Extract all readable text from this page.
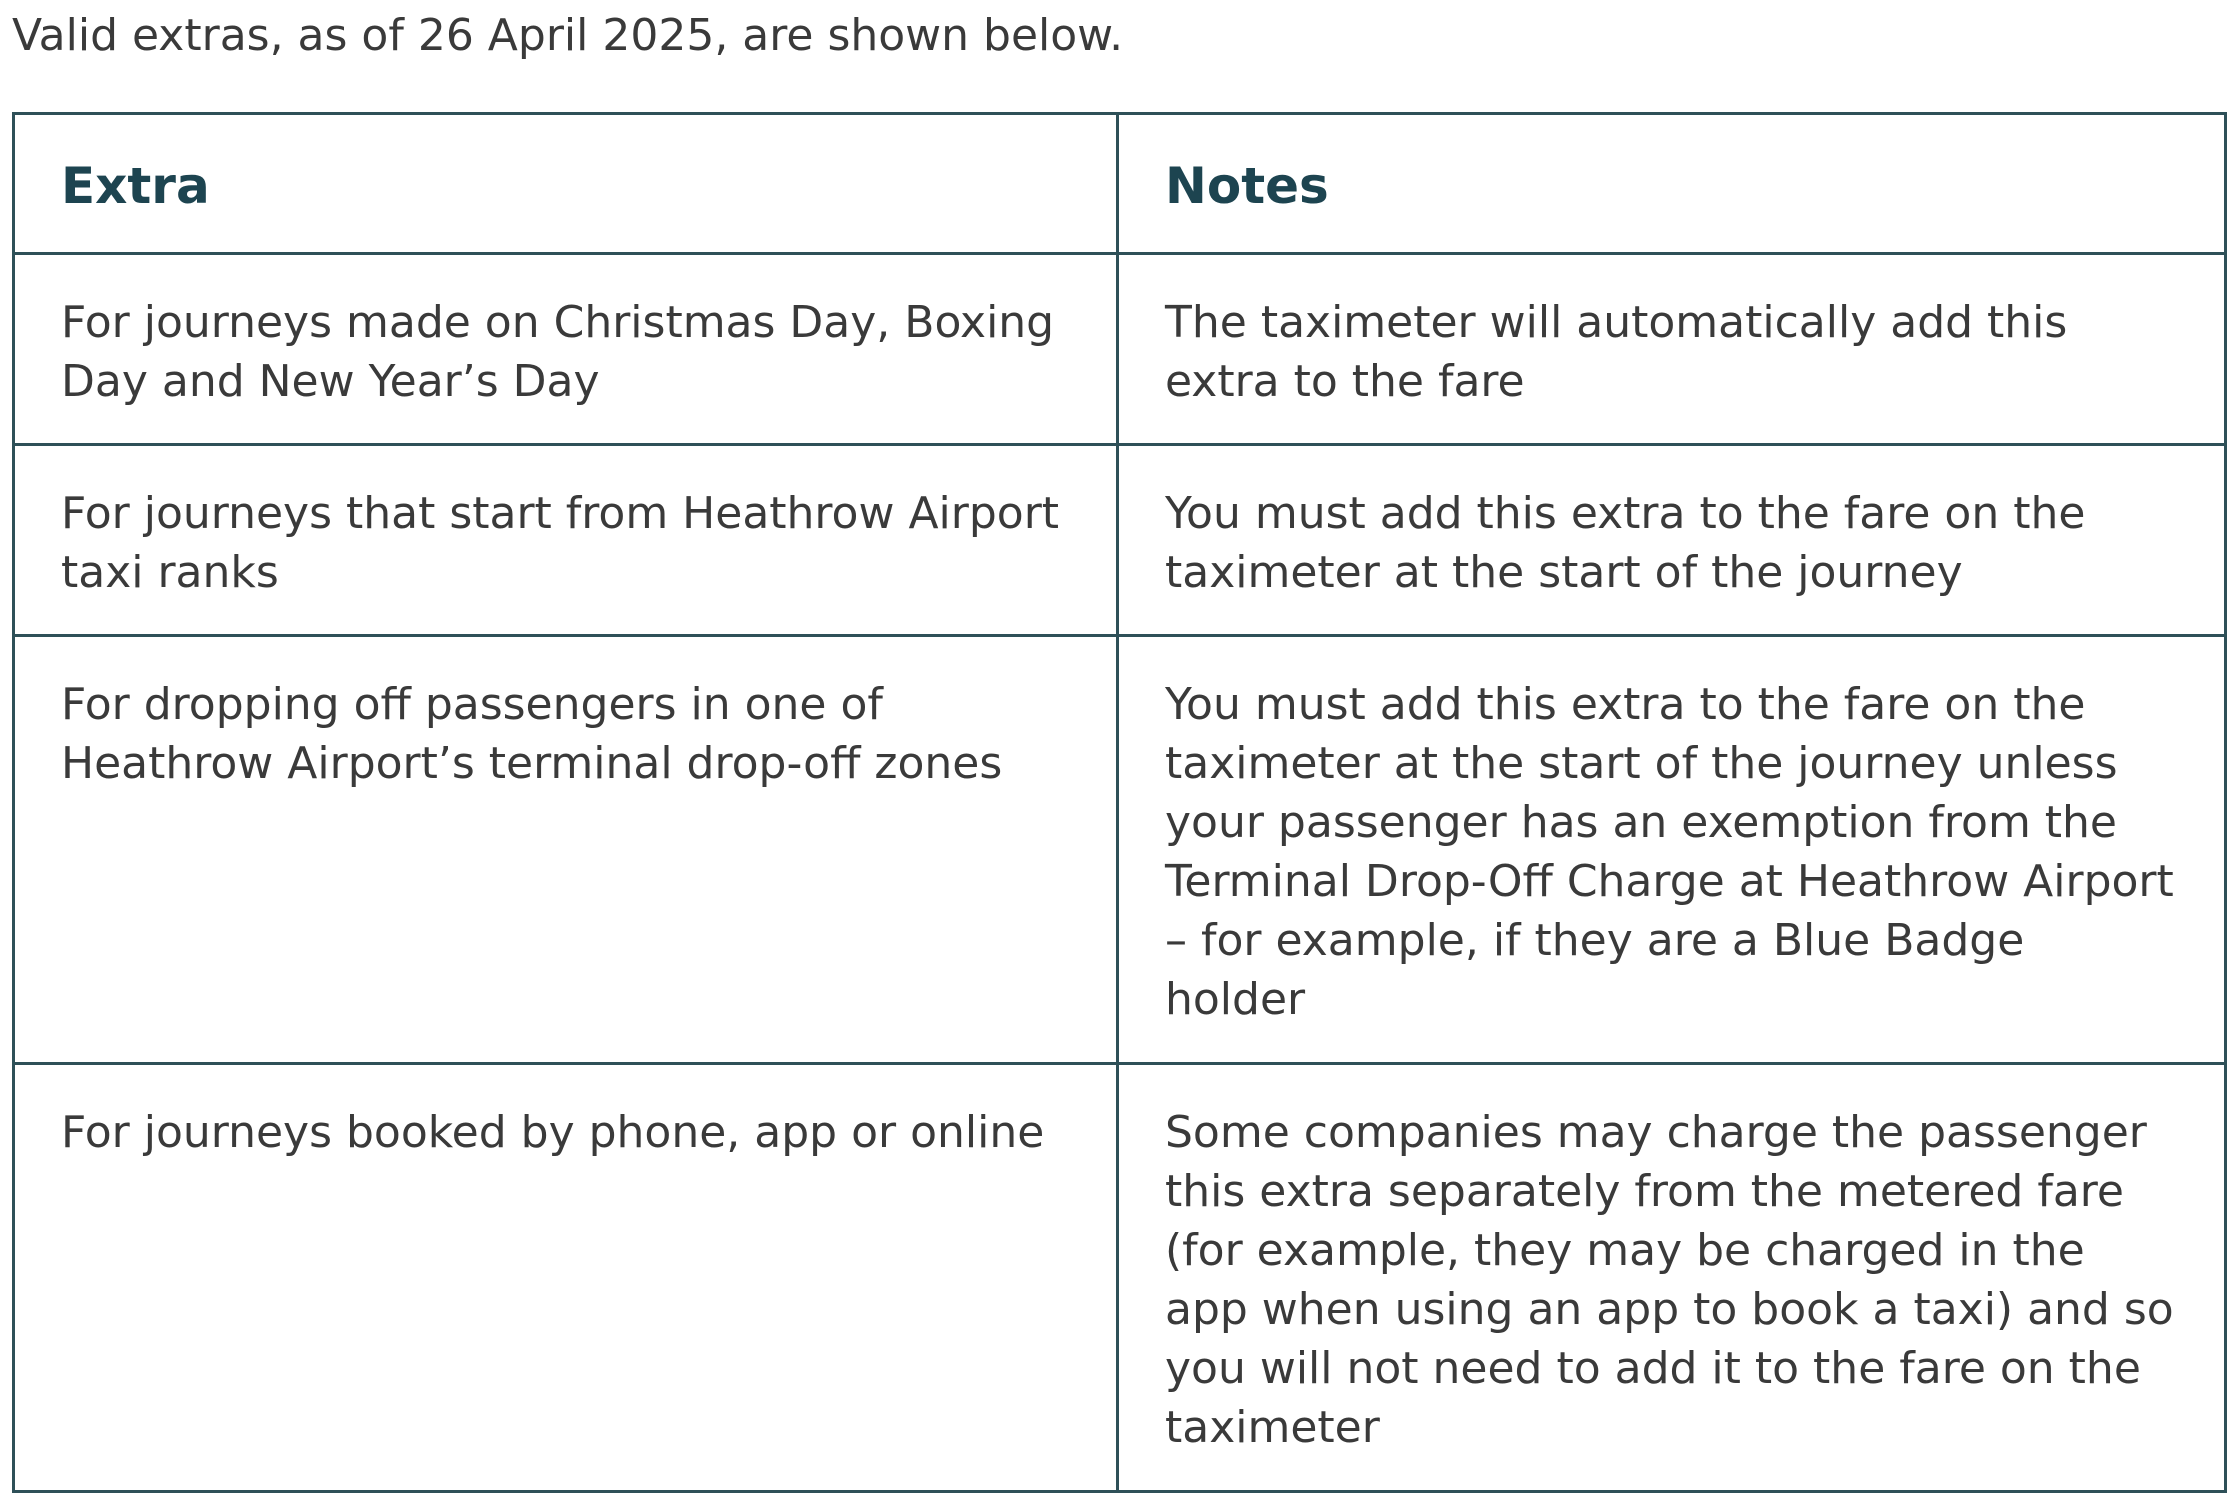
Valid extras, as of 26 April 2025, are shown below.

Extra	Notes
For journeys made on Christmas Day, Boxing Day and New Year’s Day	The taximeter will automatically add this extra to the fare
For journeys that start from Heathrow Airport taxi ranks	You must add this extra to the fare on the taximeter at the start of the journey
For dropping off passengers in one of Heathrow Airport’s terminal drop-off zones	You must add this extra to the fare on the taximeter at the start of the journey unless your passenger has an exemption from the Terminal Drop-Off Charge at Heathrow Airport – for example, if they are a Blue Badge holder
For journeys booked by phone, app or online	Some companies may charge the passenger this extra separately from the metered fare (for example, they may be charged in the app when using an app to book a taxi) and so you will not need to add it to the fare on the taximeter
